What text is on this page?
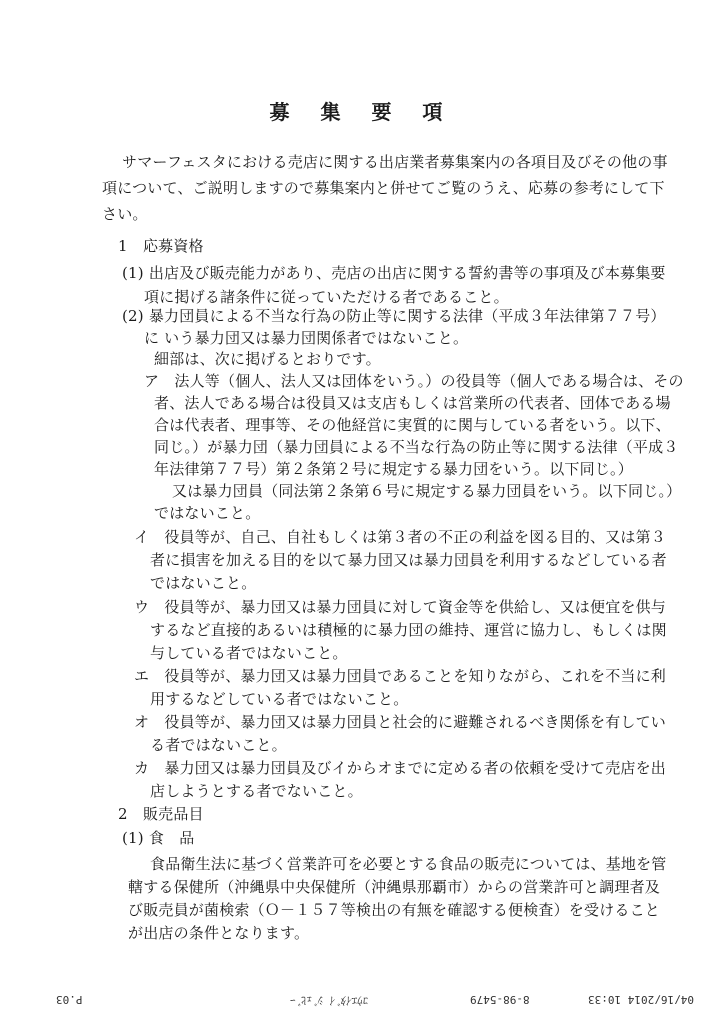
募 集 要 項
サマーフェスタにおける売店に関する出店業者募集案内の各項目及びその他の事
項について、ご説明しますので募集案内と併せてご覧のうえ、応募の参考にして下
さい。
1　応募資格
(1) 出店及び販売能力があり、売店の出店に関する誓約書等の事項及び本募集要
項に掲げる諸条件に従っていただける者であること。
(2) 暴力団員による不当な行為の防止等に関する法律（平成３年法律第７７号）
に いう暴力団又は暴力団関係者ではないこと。
細部は、次に掲げるとおりです。
ア　法人等（個人、法人又は団体をいう。）の役員等（個人である場合は、その
者、法人である場合は役員又は支店もしくは営業所の代表者、団体である場
合は代表者、理事等、その他経営に実質的に関与している者をいう。以下、
同じ。）が暴力団（暴力団員による不当な行為の防止等に関する法律（平成３
年法律第７７号）第２条第２号に規定する暴力団をいう。以下同じ。）
又は暴力団員（同法第２条第６号に規定する暴力団員をいう。以下同じ。）
ではないこと。
イ　役員等が、自己、自社もしくは第３者の不正の利益を図る目的、又は第３
者に損害を加える目的を以て暴力団又は暴力団員を利用するなどしている者
ではないこと。
ウ　役員等が、暴力団又は暴力団員に対して資金等を供給し、又は便宜を供与
するなど直接的あるいは積極的に暴力団の維持、運営に協力し、もしくは関
与している者ではないこと。
エ　役員等が、暴力団又は暴力団員であることを知りながら、これを不当に利
用するなどしている者ではないこと。
オ　役員等が、暴力団又は暴力団員と社会的に避難されるべき関係を有してい
る者ではないこと。
カ　暴力団又は暴力団員及びイからオまでに定める者の依頼を受けて売店を出
店しようとする者でないこと。
2　販売品目
(1) 食　品
食品衛生法に基づく営業許可を必要とする食品の販売については、基地を管
轄する保健所（沖縄県中央保健所（沖縄県那覇市）からの営業許可と調理者及
び販売員が菌検索（Ｏ－１５７等検出の有無を確認する便検査）を受けること
が出店の条件となります。
04/16/2014 10:33
8-98-5479
ｺｳｴｲﾀﾞｲ ｼﾞｪﾋﾞｰ
P.03
